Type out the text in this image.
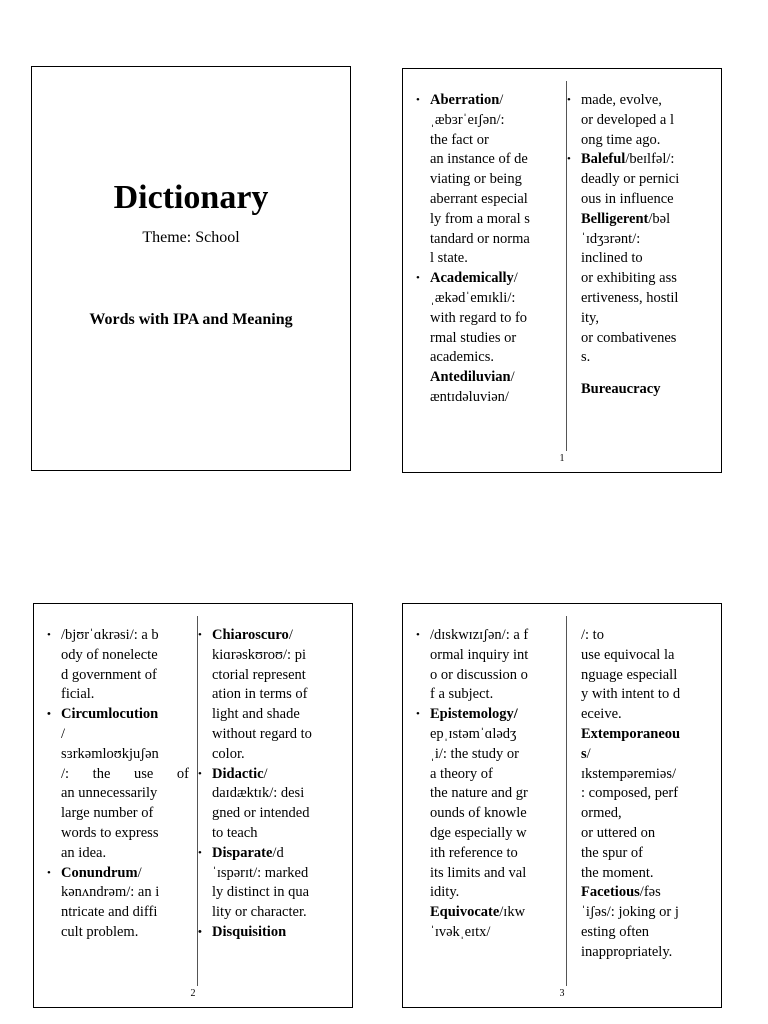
Dictionary
Theme: School
Words with IPA and Meaning
• Aberration/
ˌæbɜrˈeɪʃən/:
the fact or
an instance of de
viating or being
aberrant especial
ly from a moral s
tandard or norma
l state.
• Academically/
ˌækədˈemɪkli/:
with regard to fo
rmal studies or
academics.
Antediluvian/
æntɪdəluviən/
• made, evolve,
or developed a l
ong time ago.
• Baleful/beɪlfəl/:
deadly or pernici
ous in influence
Belligerent/bəl
ˈɪdʒɜrənt/:
inclined to
or exhibiting ass
ertiveness, hostil
ity,
or combativenes
s.
Bureaucracy
1
• /bjʊrˈɑkrəsi/: a b
ody of nonelecte
d government of
ficial.
• Circumlocution
/
sɜrkəmloʊkjuʃən
/: the use of
an unnecessarily
large number of
words to express
an idea.
• Conundrum/
kənʌndrəm/: an i
ntricate and diffi
cult problem.
• Chiaroscuro/
kiɑrəskʊroʊ/: pi
ctorial represent
ation in terms of
light and shade
without regard to
color.
• Didactic/
daɪdæktɪk/: desi
gned or intended
to teach
• Disparate/d
ˈɪspərɪt/: marked
ly distinct in qua
lity or character.
• Disquisition
2
• /dɪskwɪzɪʃən/: a f
ormal inquiry int
o or discussion o
f a subject.
• Epistemology/
epˌɪstəmˈɑlədʒ
ˌi/: the study or
a theory of
the nature and gr
ounds of knowle
dge especially w
ith reference to
its limits and val
idity.
Equivocate/ɪkw
ˈɪvəkˌeɪtx/
/: to
use equivocal la
nguage especiall
y with intent to d
eceive.
Extemporaneou
s/
ɪkstempəremiəs/
: composed, perf
ormed,
or uttered on
the spur of
the moment.
Facetious/fəs
ˈiʃəs/: joking or j
esting often
inappropriately.
3
